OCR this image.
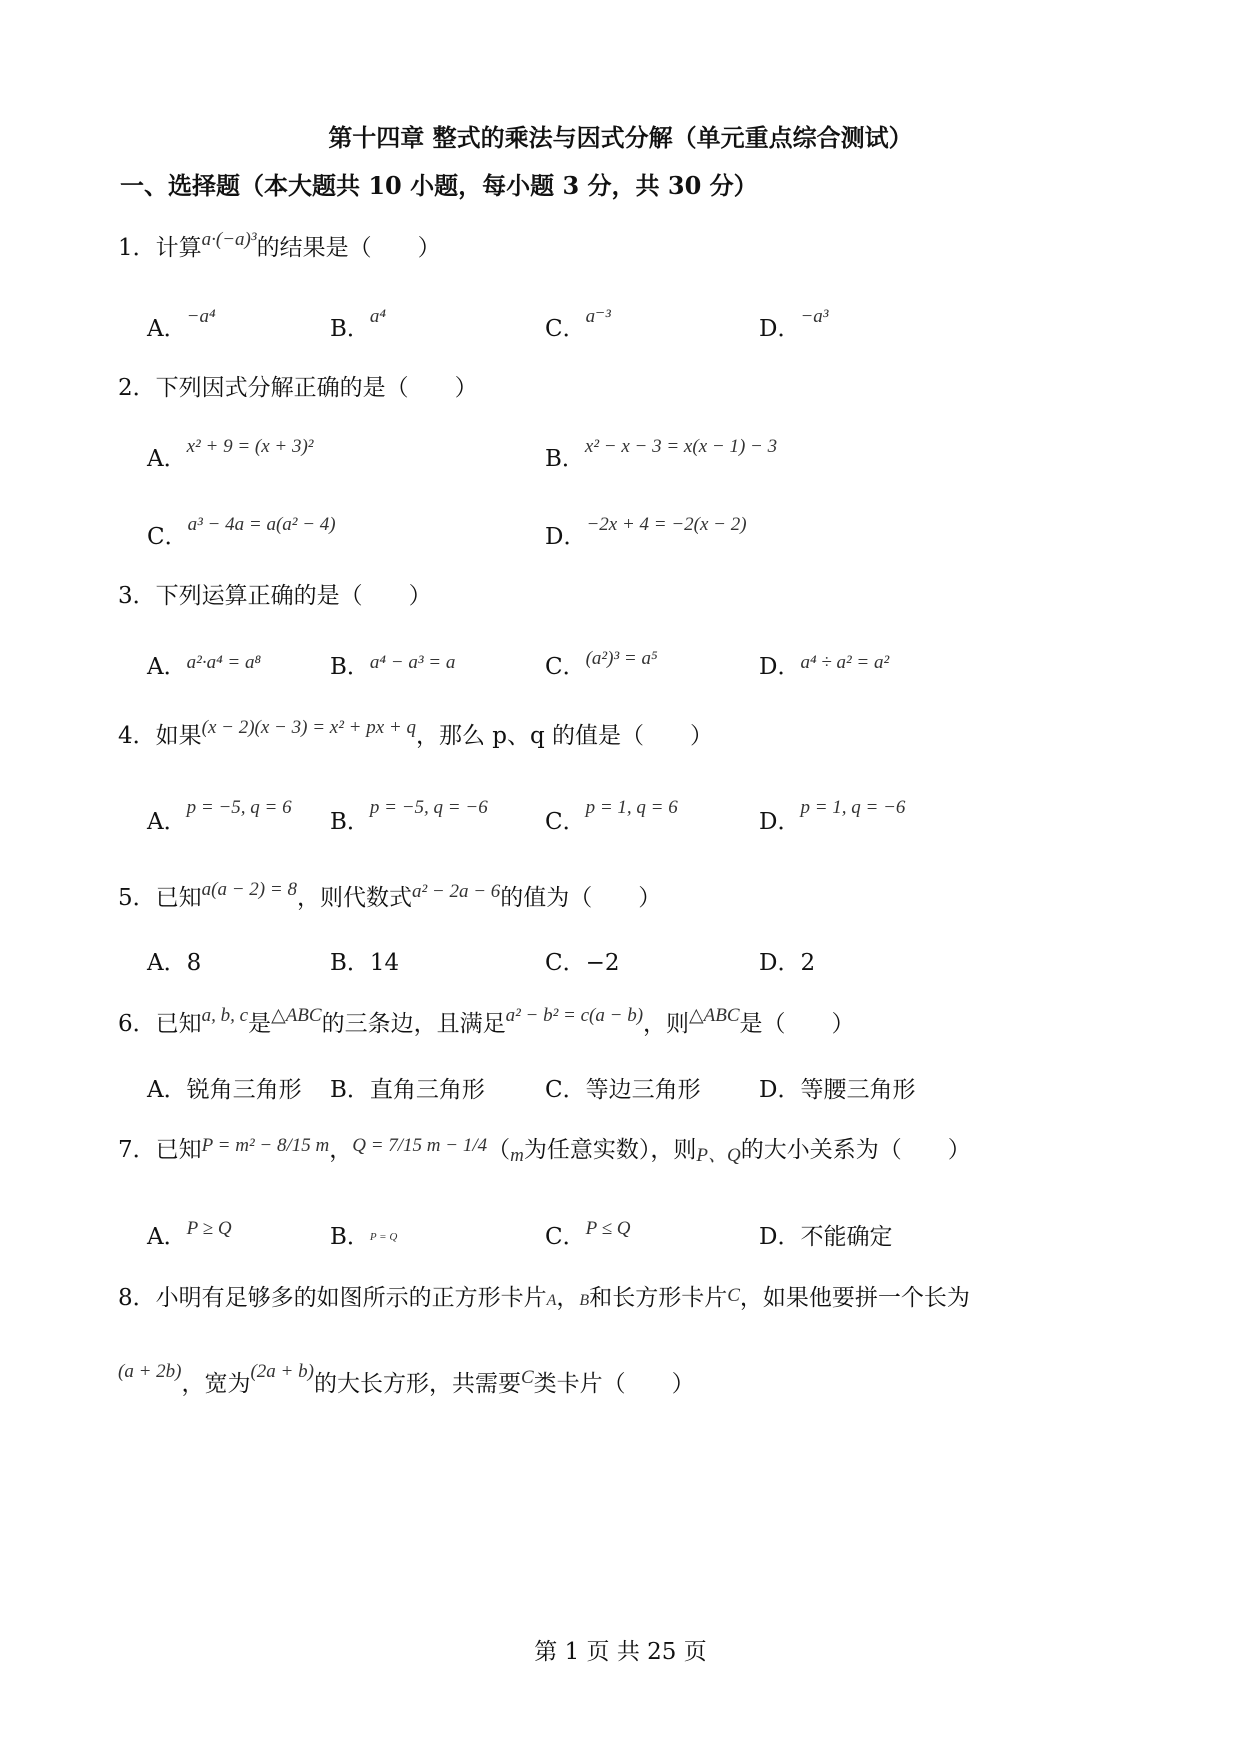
第十四章 整式的乘法与因式分解（单元重点综合测试）
一、选择题（本大题共 10 小题，每小题 3 分，共 30 分）
1．计算$^{a\cdot(-a)^3}$的结果是（　　）
A．$^{-a^4}$	B．$^{a^4}$	C．$^{a^{-3}}$	D．$^{-a^3}$
2．下列因式分解正确的是（　　）
A．$^{x^2 + 9 = (x + 3)^2}$	B．$^{x^2 - x - 3 = x(x - 1) - 3}$
C．$^{a^3 - 4a = a(a^2 - 4)}$	D．$^{-2x + 4 = -2(x - 2)}$
3．下列运算正确的是（　　）
A．$^{a^2\cdot a^4 = a^8}$	B．$^{a^4 - a^3 = a}$	C．$^{(a^2)^3 = a^5}$	D．$^{a^4 \div a^2 = a^2}$
4．如果$^{(x - 2)(x - 3) = x^2 + px + q}$，那么 p、q 的值是（　　）
A．$^{p = -5, q = 6}$
B．$^{p = -5, q = -6}$
C．$^{p = 1, q = 6}$
D．$^{p = 1, q = -6}$
5．已知$^{a(a - 2) = 8}$，则代数式$^{a^2 - 2a - 6}$的值为（　　）
A．8	B．14	C．−2	D．2
6．已知$^{a, b, c}$是$^{\triangle ABC}$的三条边，且满足$^{a^2 - b^2 = c(a - b)}$，则$^{\triangle ABC}$是（　　）
A．锐角三角形 B．直角三角形	C．等边三角形	D．等腰三角形
7．已知$^{P = m^2 - 8/15 m}$，$^{Q = 7/15 m - 1/4}$（m为任意实数），则P、Q的大小关系为（　　）
A．$^{P \ge Q}$	B．P = Q	C．$^{P \le Q}$	D．不能确定
8．小明有足够多的如图所示的正方形卡片A，B和长方形卡片C，如果他要拼一个长为
$^{(a + 2b)}$，宽为$^{(2a + b)}$的大长方形，共需要$^C$类卡片（　　）
第 1 页 共 25 页
